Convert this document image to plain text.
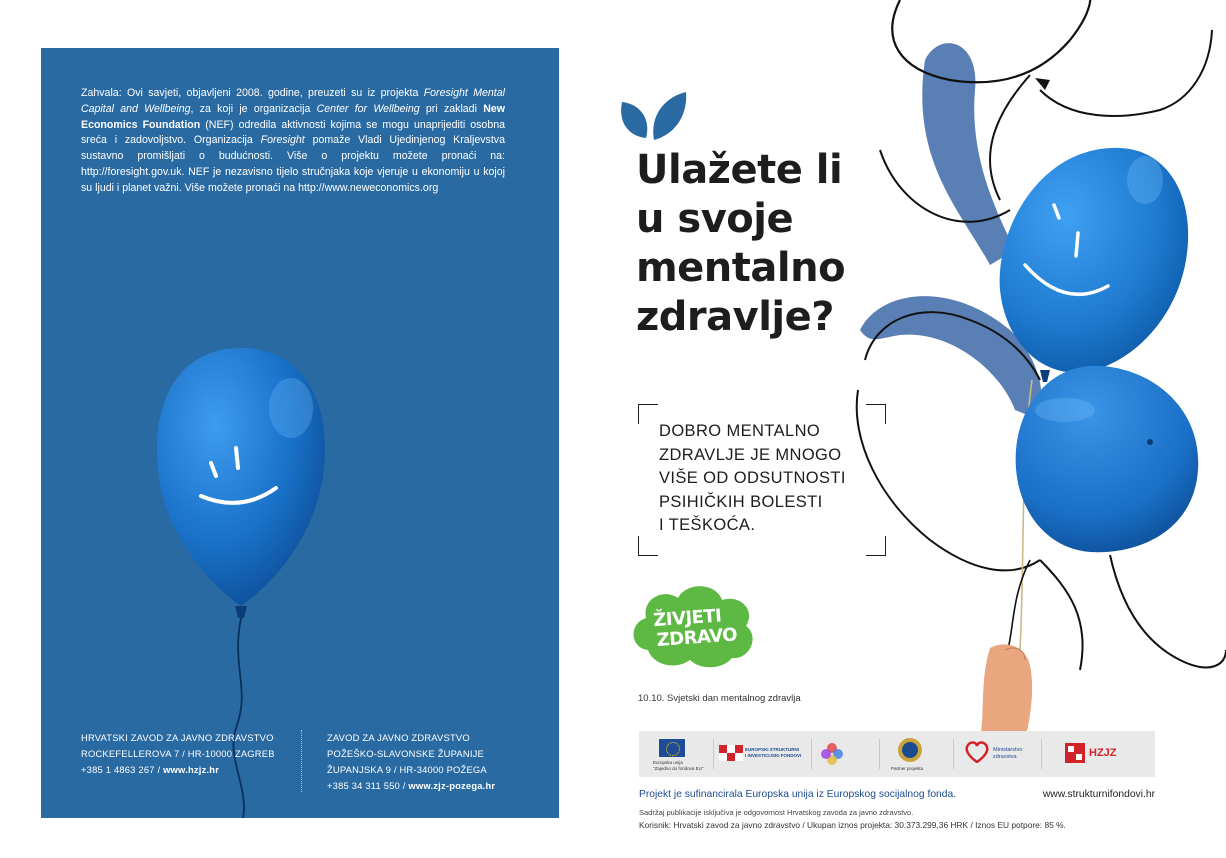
Zahvala: Ovi savjeti, objavljeni 2008. godine, preuzeti su iz projekta Foresight Mental Capital and Wellbeing, za koji je organizacija Center for Wellbeing pri zakladi New Economics Foundation (NEF) odredila aktivnosti kojima se mogu unaprijediti osobna sreća i zadovoljstvo. Organizacija Foresight pomaže Vladi Ujedinjenog Kraljevstva sustavno promišljati o budućnosti. Više o projektu možete pronaći na: http://foresight.gov.uk. NEF je nezavisno tijelo stručnjaka koje vjeruje u ekonomiju u kojoj su ljudi i planet važni. Više možete pronaći na http://www.neweconomics.org

HRVATSKI ZAVOD ZA JAVNO ZDRAVSTVO
ROCKEFELLEROVA 7 / HR-10000 ZAGREB
+385 1 4863 267 / www.hzjz.hr
ZAVOD ZA JAVNO ZDRAVSTVO
POŽEŠKO-SLAVONSKE ŽUPANIJE
ŽUPANJSKA 9 / HR-34000 POŽEGA
+385 34 311 550 / www.zjz-pozega.hr
Ulažete li
u svoje
mentalno
zdravlje?
DOBRO MENTALNO
ZDRAVLJE JE MNOGO
VIŠE OD ODSUTNOSTI
PSIHIČKIH BOLESTI
I TEŠKOĆA.
ŽIVJETI
ZDRAVO
10.10. Svjetski dan mentalnog zdravlja
Europska unija
"Zajedno do fondova EU"
EUROPSKI STRUKTURNI
I INVESTICIJSKI FONDOVI
Partner projekta
Ministarstvo
zdravstva	HZJZ
Projekt je sufinancirala Europska unija iz Europskog socijalnog fonda.	www.strukturnifondovi.hr
Sadržaj publikacije isključiva je odgovornost Hrvatskog zavoda za javno zdravstvo.
Korisnik: Hrvatski zavod za javno zdravstvo / Ukupan iznos projekta: 30.373.299,36 HRK / Iznos EU potpore: 85 %.
